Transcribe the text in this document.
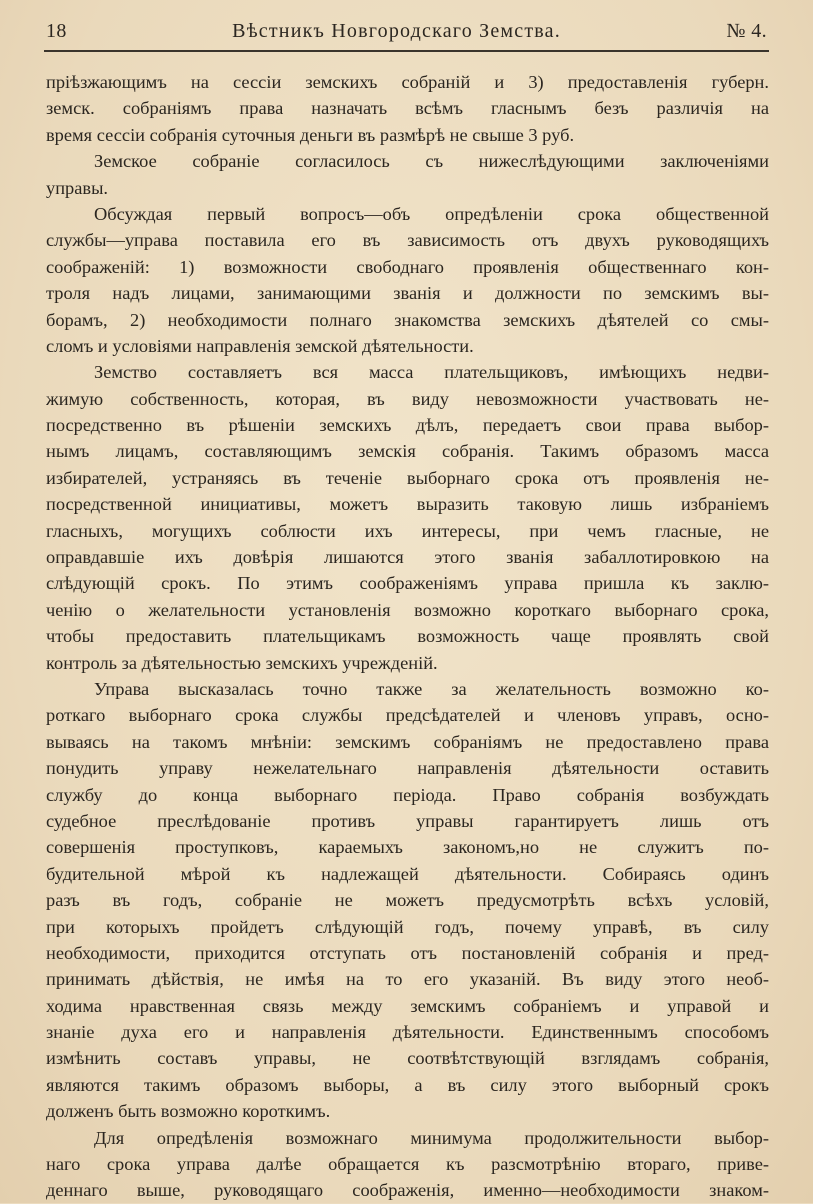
18	Вѣстникъ Новгородскаго Земства.	№ 4.
пріѣзжающимъ на сессіи земскихъ собраній и 3) предоставленія губерн.
земск. собраніямъ права назначать всѣмъ гласнымъ безъ различія на
время сессіи собранія суточныя деньги въ размѣрѣ не свыше 3 руб.
Земское собраніе согласилось съ нижеслѣдующими заключеніями
управы.
Обсуждая первый вопросъ—объ опредѣленіи срока общественной
службы—управа поставила его въ зависимость отъ двухъ руководящихъ
соображеній: 1) возможности свободнаго проявленія общественнаго кон-
троля надъ лицами, занимающими званія и должности по земскимъ вы-
борамъ, 2) необходимости полнаго знакомства земскихъ дѣятелей со смы-
сломъ и условіями направленія земской дѣятельности.
Земство составляетъ вся масса плательщиковъ, имѣющихъ недви-
жимую собственность, которая, въ виду невозможности участвовать не-
посредственно въ рѣшеніи земскихъ дѣлъ, передаетъ свои права выбор-
нымъ лицамъ, составляющимъ земскія собранія. Такимъ образомъ масса
избирателей, устраняясь въ теченіе выборнаго срока отъ проявленія не-
посредственной инициативы, можетъ выразить таковую лишь избраніемъ
гласныхъ, могущихъ соблюсти ихъ интересы, при чемъ гласные, не
оправдавшіе ихъ довѣрія лишаются этого званія забаллотировкою на
слѣдующій срокъ. По этимъ соображеніямъ управа пришла къ заклю-
ченію о желательности установленія возможно короткаго выборнаго срока,
чтобы предоставить плательщикамъ возможность чаще проявлять свой
контроль за дѣятельностью земскихъ учрежденій.
Управа высказалась точно также за желательность возможно ко-
роткаго выборнаго срока службы предсѣдателей и членовъ управъ, осно-
вываясь на такомъ мнѣніи: земскимъ собраніямъ не предоставлено права
понудить управу нежелательнаго направленія дѣятельности оставить
службу до конца выборнаго періода. Право собранія возбуждать
судебное преслѣдованіе противъ управы гарантируетъ лишь отъ
совершенія проступковъ, караемыхъ закономъ,но не служитъ по-
будительной мѣрой къ надлежащей дѣятельности. Собираясь одинъ
разъ въ годъ, собраніе не можетъ предусмотрѣть всѣхъ условій,
при которыхъ пройдетъ слѣдующій годъ, почему управѣ, въ силу
необходимости, приходится отступать отъ постановленій собранія и пред-
принимать дѣйствія, не имѣя на то его указаній. Въ виду этого необ-
ходима нравственная связь между земскимъ собраніемъ и управой и
знаніе духа его и направленія дѣятельности. Единственнымъ способомъ
измѣнить составъ управы, не соотвѣтствующій взглядамъ собранія,
являются такимъ образомъ выборы, а въ силу этого выборный срокъ
долженъ быть возможно короткимъ.
Для опредѣленія возможнаго минимума продолжительности выбор-
наго срока управа далѣе обращается къ разсмотрѣнію втораго, приве-
деннаго выше, руководящаго соображенія, именно—необходимости знаком-
